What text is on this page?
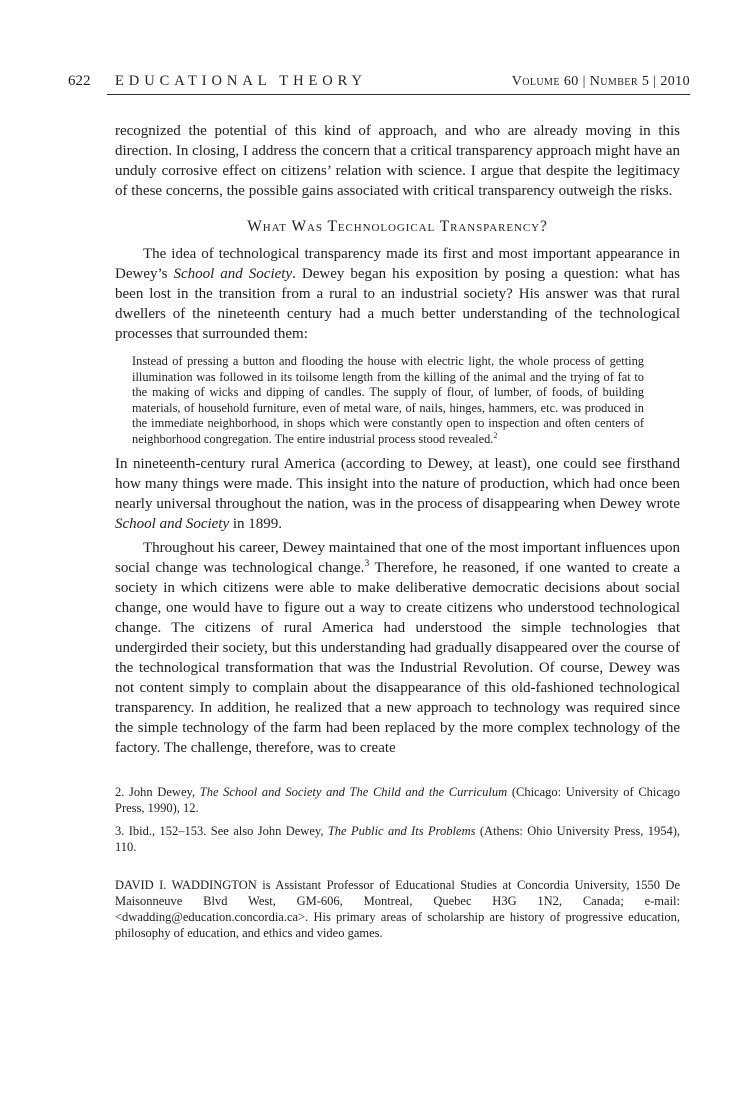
622	EDUCATIONAL THEORY	Volume 60 | Number 5 | 2010

recognized the potential of this kind of approach, and who are already moving in this direction. In closing, I address the concern that a critical transparency approach might have an unduly corrosive effect on citizens’ relation with science. I argue that despite the legitimacy of these concerns, the possible gains associated with critical transparency outweigh the risks.

What Was Technological Transparency?

The idea of technological transparency made its first and most important appearance in Dewey’s School and Society. Dewey began his exposition by posing a question: what has been lost in the transition from a rural to an industrial society? His answer was that rural dwellers of the nineteenth century had a much better understanding of the technological processes that surrounded them:

Instead of pressing a button and flooding the house with electric light, the whole process of getting illumination was followed in its toilsome length from the killing of the animal and the trying of fat to the making of wicks and dipping of candles. The supply of flour, of lumber, of foods, of building materials, of household furniture, even of metal ware, of nails, hinges, hammers, etc. was produced in the immediate neighborhood, in shops which were constantly open to inspection and often centers of neighborhood congregation. The entire industrial process stood revealed.$^2$

In nineteenth-century rural America (according to Dewey, at least), one could see firsthand how many things were made. This insight into the nature of production, which had once been nearly universal throughout the nation, was in the process of disappearing when Dewey wrote School and Society in 1899.

Throughout his career, Dewey maintained that one of the most important influences upon social change was technological change.$^3$ Therefore, he reasoned, if one wanted to create a society in which citizens were able to make deliberative democratic decisions about social change, one would have to figure out a way to create citizens who understood technological change. The citizens of rural America had understood the simple technologies that undergirded their society, but this understanding had gradually disappeared over the course of the technological transformation that was the Industrial Revolution. Of course, Dewey was not content simply to complain about the disappearance of this old-fashioned technological transparency. In addition, he realized that a new approach to technology was required since the simple technology of the farm had been replaced by the more complex technology of the factory. The challenge, therefore, was to create

2. John Dewey, The School and Society and The Child and the Curriculum (Chicago: University of Chicago Press, 1990), 12.

3. Ibid., 152–153. See also John Dewey, The Public and Its Problems (Athens: Ohio University Press, 1954), 110.

DAVID I. WADDINGTON is Assistant Professor of Educational Studies at Concordia University, 1550 De Maisonneuve Blvd West, GM-606, Montreal, Quebec H3G 1N2, Canada; e-mail: <dwadding@education.concordia.ca>. His primary areas of scholarship are history of progressive education, philosophy of education, and ethics and video games.
